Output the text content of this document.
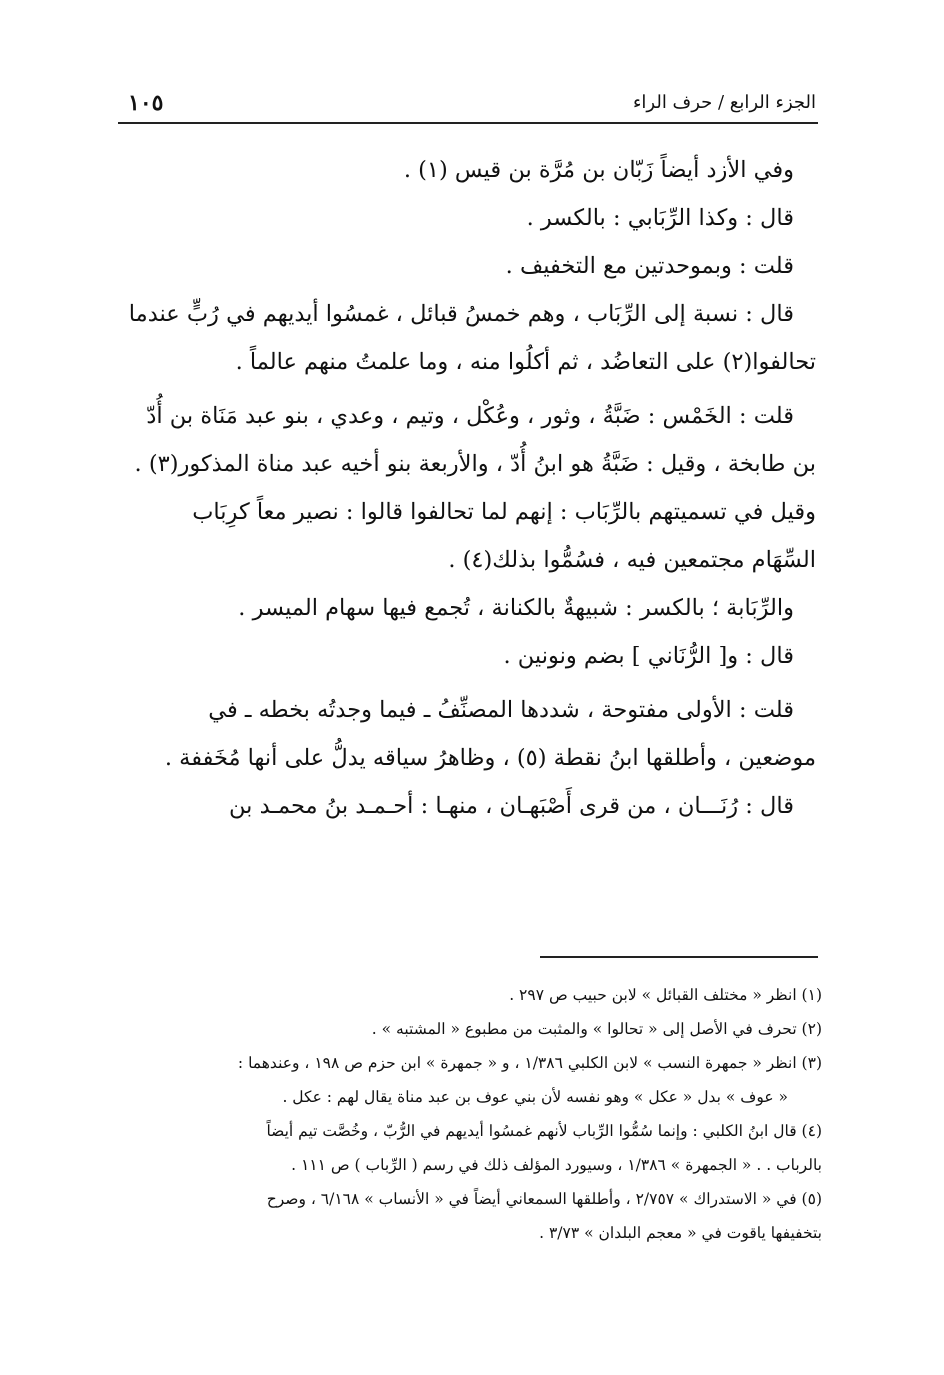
الجزء الرابع / حرف الراء
١٠٥

وفي الأزد أيضاً زَبّان بن مُرَّة بن قيس (١) .

قال : وكذا الرِّبَابي : بالكسر .

قلت : وبموحدتين مع التخفيف .

قال : نسبة إلى الرِّبَاب ، وهم خمسُ قبائل ، غمسُوا أيديهم في رُبٍّ عندما تحالفوا(٢) على التعاضُد ، ثم أكلُوا منه ، وما علمتُ منهم عالماً .

قلت : الخَمْس : ضَبَّةُ ، وثور ، وعُكْل ، وتيم ، وعدي ، بنو عبد مَنَاة بن أُدّ بن طابخة ، وقيل : ضَبَّةُ هو ابنُ أُدّ ، والأربعة بنو أخيه عبد مناة المذكور(٣) . وقيل في تسميتهم بالرِّبَاب : إنهم لما تحالفوا قالوا : نصير معاً كرِبَاب السِّهَام مجتمعين فيه ، فسُمُّوا بذلك(٤) .

والرِّبَابة ؛ بالكسر : شبيهةٌ بالكنانة ، تُجمع فيها سهام الميسر .

قال : و[ الرُّنَاني ] بضم ونونين .

قلت : الأولى مفتوحة ، شددها المصنِّفُ ـ فيما وجدتُه بخطه ـ في موضعين ، وأطلقها ابنُ نقطة (٥) ، وظاهرُ سياقه يدلُّ على أنها مُخَففة .

قال : رُنَـــان ، من قرى أَصْبَهـان ، منهـا : أحـمـد بنُ محمـد بن

(١) انظر « مختلف القبائل » لابن حبيب ص ٢٩٧ .

(٢) تحرف في الأصل إلى « تحالوا » والمثبت من مطبوع « المشتبه » .

(٣) انظر « جمهرة النسب » لابن الكلبي ١/٣٨٦ ، و « جمهرة » ابن حزم ص ١٩٨ ، وعندهما :

« عوف » بدل « عكل » وهو نفسه لأن بني عوف بن عبد مناة يقال لهم : عكل .

(٤) قال ابنُ الكلبي : وإنما سُمُّوا الرِّباب لأنهم غمسُوا أيديهم في الرُّبّ ، وخُصَّت تيم أيضاً

بالرباب . . « الجمهرة » ١/٣٨٦ ، وسيورد المؤلف ذلك في رسم ( الرِّباب ) ص ١١١ .

(٥) في « الاستدراك » ٢/٧٥٧ ، وأطلقها السمعاني أيضاً في « الأنساب » ٦/١٦٨ ، وصرح

بتخفيفها ياقوت في « معجم البلدان » ٣/٧٣ .
